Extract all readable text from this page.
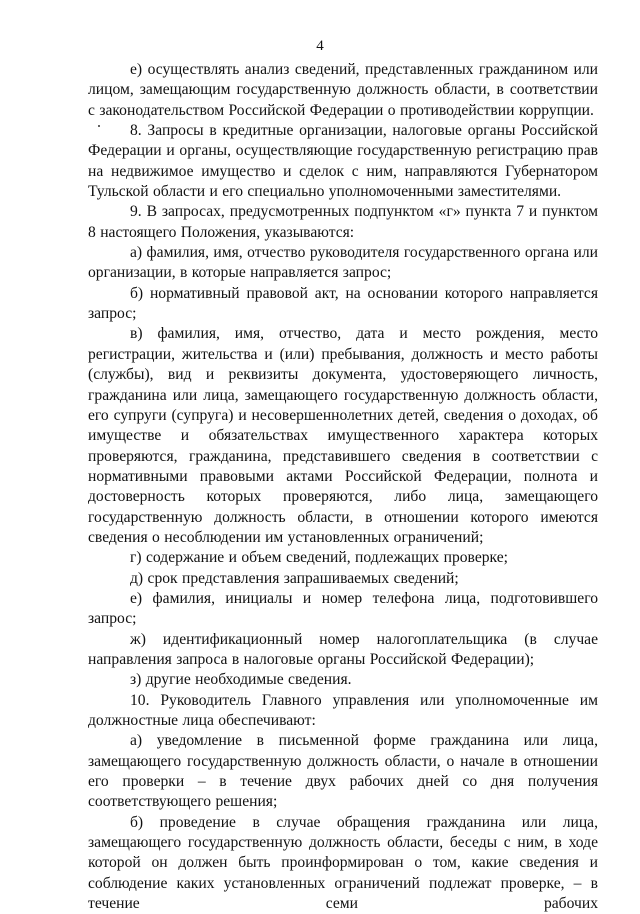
4

е) осуществлять анализ сведений, представленных гражданином или лицом, замещающим государственную должность области, в соответствии с законодательством Российской Федерации о противодействии коррупции.

8. Запросы в кредитные организации, налоговые органы Российской Федерации и органы, осуществляющие государственную регистрацию прав на недвижимое имущество и сделок с ним, направляются Губернатором Тульской области и его специально уполномоченными заместителями.

9. В запросах, предусмотренных подпунктом «г» пункта 7 и пунктом 8 настоящего Положения, указываются:

а) фамилия, имя, отчество руководителя государственного органа или организации, в которые направляется запрос;

б) нормативный правовой акт, на основании которого направляется запрос;

в) фамилия, имя, отчество, дата и место рождения, место регистрации, жительства и (или) пребывания, должность и место работы (службы), вид и реквизиты документа, удостоверяющего личность, гражданина или лица, замещающего государственную должность области, его супруги (супруга) и несовершеннолетних детей, сведения о доходах, об имуществе и обязательствах имущественного характера которых проверяются, гражданина, представившего сведения в соответствии с нормативными правовыми актами Российской Федерации, полнота и достоверность которых проверяются, либо лица, замещающего государственную должность области, в отношении которого имеются сведения о несоблюдении им установленных ограничений;

г) содержание и объем сведений, подлежащих проверке;

д) срок представления запрашиваемых сведений;

е) фамилия, инициалы и номер телефона лица, подготовившего запрос;

ж) идентификационный номер налогоплательщика (в случае направления запроса в налоговые органы Российской Федерации);

з) другие необходимые сведения.

10. Руководитель Главного управления или уполномоченные им должностные лица обеспечивают:

а) уведомление в письменной форме гражданина или лица, замещающего государственную должность области, о начале в отношении его проверки – в течение двух рабочих дней со дня получения соответствующего решения;

б) проведение в случае обращения гражданина или лица, замещающего государственную должность области, беседы с ним, в ходе которой он должен быть проинформирован о том, какие сведения и соблюдение каких установленных ограничений подлежат проверке, – в течение семи рабочих
